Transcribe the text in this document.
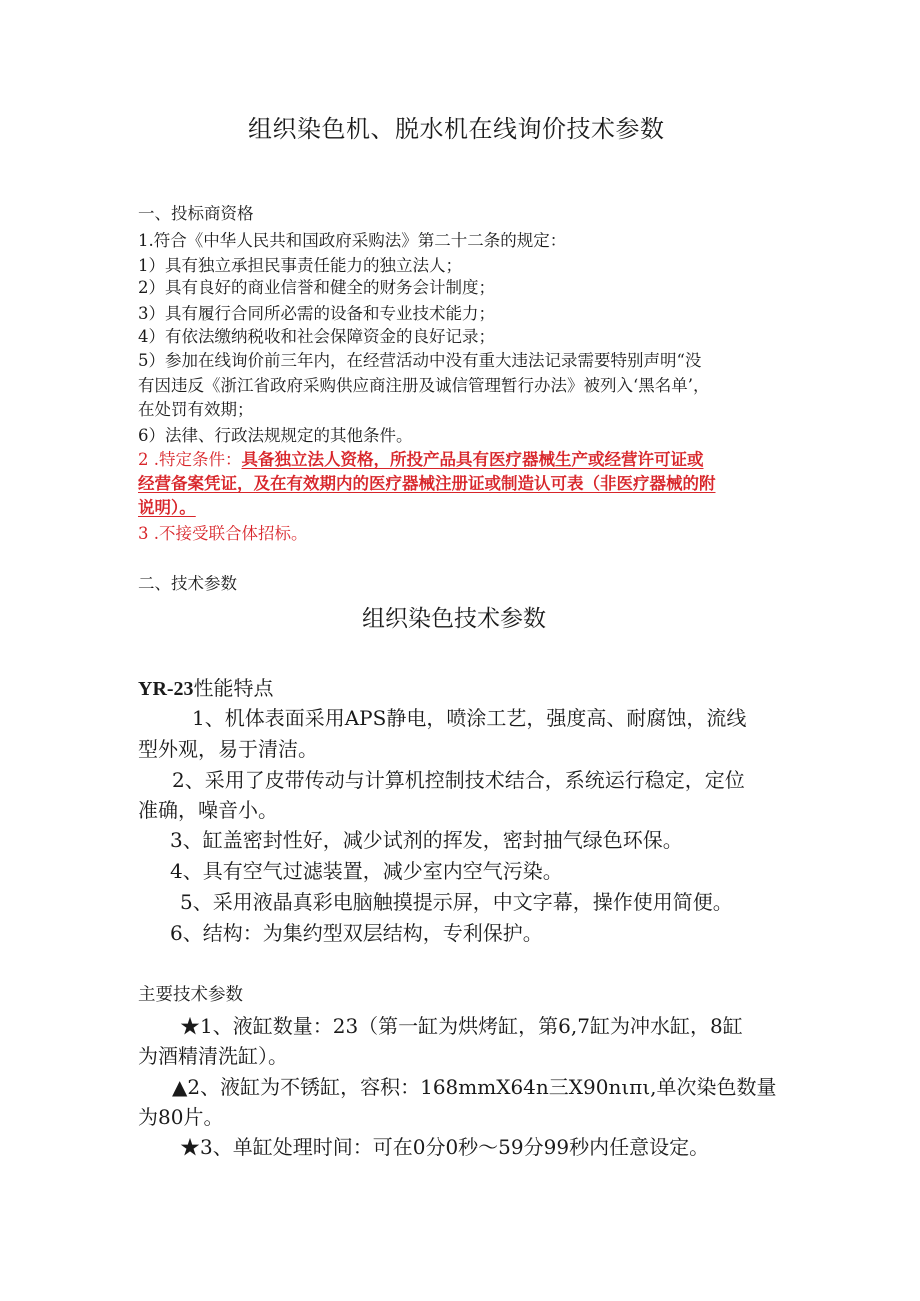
组织染色机、脱水机在线询价技术参数
一、投标商资格
1.符合《中华人民共和国政府采购法》第二十二条的规定：
1）具有独立承担民事责任能力的独立法人；
2）具有良好的商业信誉和健全的财务会计制度；
3）具有履行合同所必需的设备和专业技术能力；
4）有依法缴纳税收和社会保障资金的良好记录；
5）参加在线询价前三年内，在经营活动中没有重大违法记录需要特别声明“没
有因违反《浙江省政府采购供应商注册及诚信管理暂行办法》被列入‘黑名单’，
在处罚有效期；
6）法律、行政法规规定的其他条件。
2 .特定条件：具备独立法人资格，所投产品具有医疗器械生产或经营许可证或
经营备案凭证，及在有效期内的医疗器械注册证或制造认可表（非医疗器械的附
说明）。
3 .不接受联合体招标。
二、技术参数
组织染色技术参数
YR-23性能特点
1、机体表面采用APS静电，喷涂工艺，强度高、耐腐蚀，流线
型外观，易于清洁。
2、采用了皮带传动与计算机控制技术结合，系统运行稳定，定位
准确，噪音小。
3、缸盖密封性好，减少试剂的挥发，密封抽气绿色环保。
4、具有空气过滤装置，减少室内空气污染。
5、采用液晶真彩电脑触摸提示屏，中文字幕，操作使用简便。
6、结构：为集约型双层结构，专利保护。
主要技术参数
★1、液缸数量：23（第一缸为烘烤缸，第6,7缸为冲水缸，8缸
为酒精清洗缸）。
▲2、液缸为不锈缸，容积：168mmX64n三X90nιπι,单次染色数量
为80片。
★3、单缸处理时间：可在0分0秒～59分99秒内任意设定。
